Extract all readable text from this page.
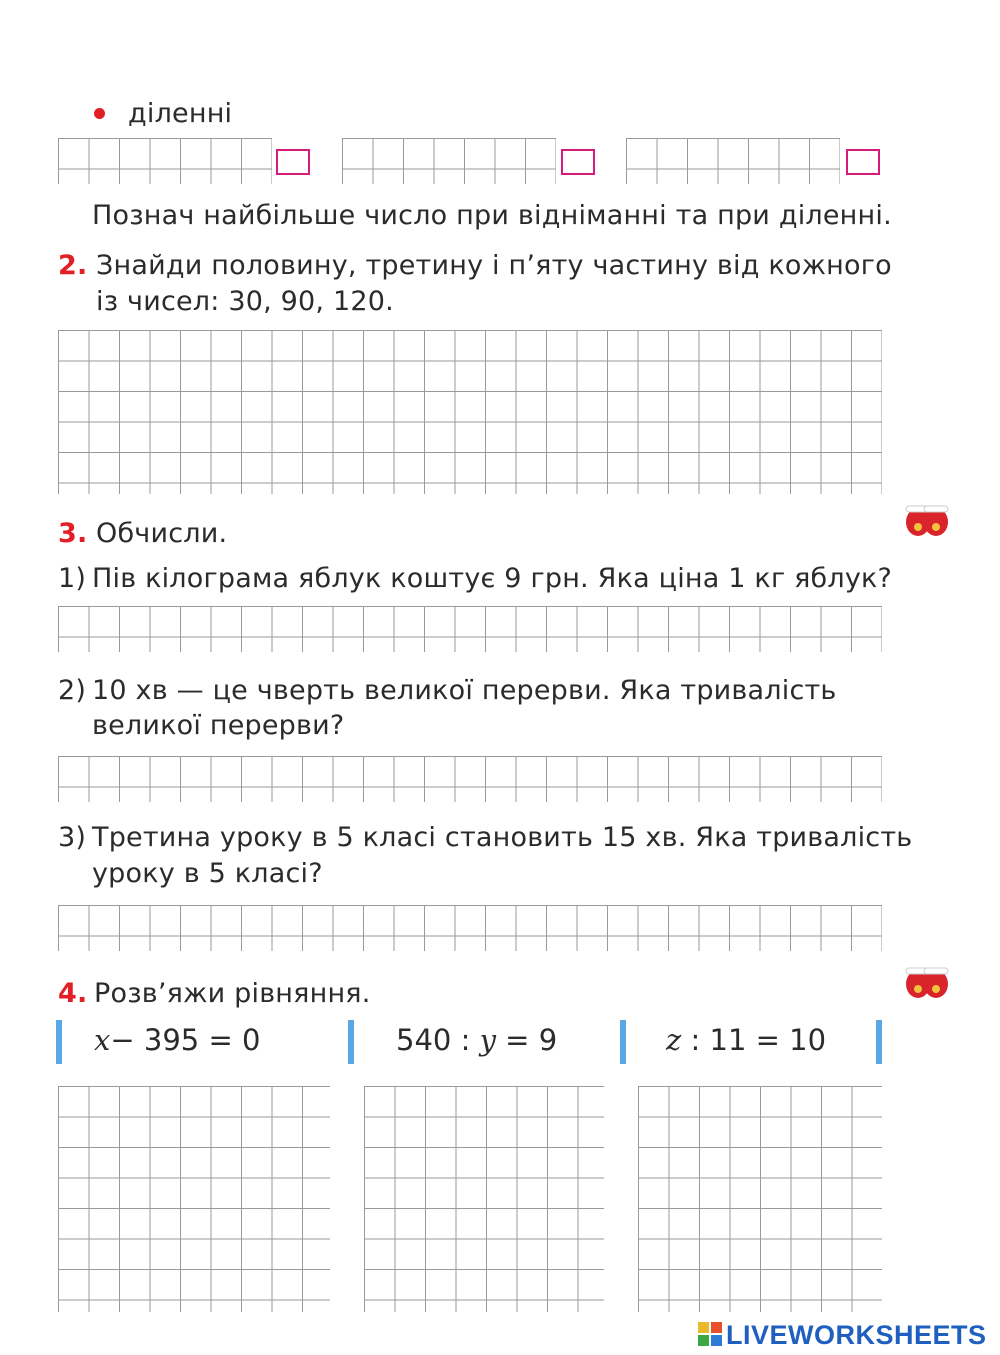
діленні
Познач найбільше число при відніманні та при діленні.
2. Знайди половину, третину і п’яту частину від кожного
із чисел: 30, 90, 120.
3. Обчисли.
1) Пів кілограма яблук коштує 9 грн. Яка ціна 1 кг яблук?
2) 10 хв — це чверть великої перерви. Яка тривалість
великої перерви?
3) Третина уроку в 5 класі становить 15 хв. Яка тривалість
уроку в 5 класі?
4. Розв’яжи рівняння.
x− 395 = 0	540 : y = 9	z : 11 = 10
LIVEWORKSHEETS
